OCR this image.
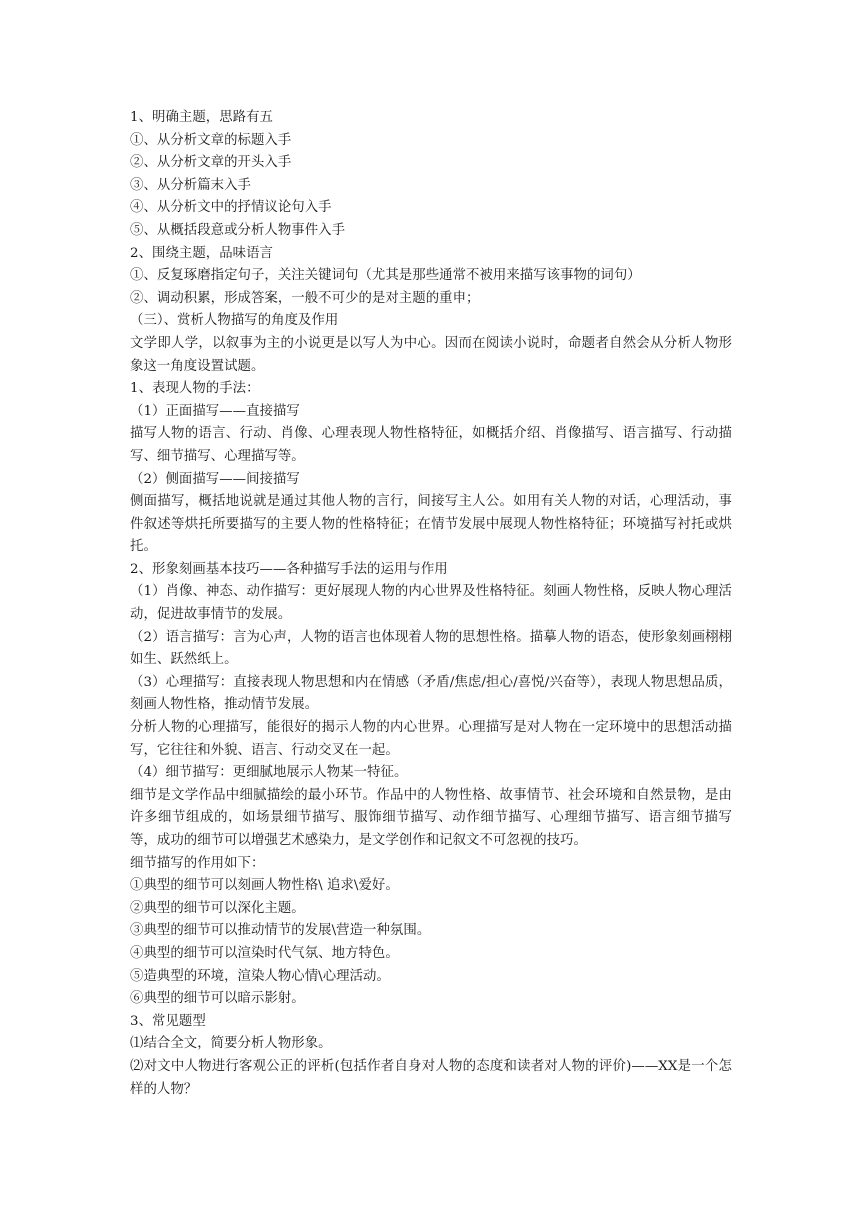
1、明确主题，思路有五
①、从分析文章的标题入手
②、从分析文章的开头入手
③、从分析篇末入手
④、从分析文中的抒情议论句入手
⑤、从概括段意或分析人物事件入手
2、围绕主题，品味语言
①、反复琢磨指定句子，关注关键词句（尤其是那些通常不被用来描写该事物的词句）
②、调动积累，形成答案，一般不可少的是对主题的重申；
（三）、赏析人物描写的角度及作用
文学即人学，以叙事为主的小说更是以写人为中心。因而在阅读小说时，命题者自然会从分析人物形象这一角度设置试题。
1、表现人物的手法：
（1）正面描写——直接描写
描写人物的语言、行动、肖像、心理表现人物性格特征，如概括介绍、肖像描写、语言描写、行动描写、细节描写、心理描写等。
（2）侧面描写——间接描写
侧面描写，概括地说就是通过其他人物的言行，间接写主人公。如用有关人物的对话，心理活动，事件叙述等烘托所要描写的主要人物的性格特征；在情节发展中展现人物性格特征；环境描写衬托或烘托。
2、形象刻画基本技巧——各种描写手法的运用与作用
（1）肖像、神态、动作描写：更好展现人物的内心世界及性格特征。刻画人物性格，反映人物心理活动，促进故事情节的发展。
（2）语言描写：言为心声，人物的语言也体现着人物的思想性格。描摹人物的语态，使形象刻画栩栩如生、跃然纸上。
（3）心理描写：直接表现人物思想和内在情感（矛盾/焦虑/担心/喜悦/兴奋等），表现人物思想品质，刻画人物性格，推动情节发展。
分析人物的心理描写，能很好的揭示人物的内心世界。心理描写是对人物在一定环境中的思想活动描写，它往往和外貌、语言、行动交叉在一起。
（4）细节描写：更细腻地展示人物某一特征。
细节是文学作品中细腻描绘的最小环节。作品中的人物性格、故事情节、社会环境和自然景物，是由许多细节组成的，如场景细节描写、服饰细节描写、动作细节描写、心理细节描写、语言细节描写等，成功的细节可以增强艺术感染力，是文学创作和记叙文不可忽视的技巧。
细节描写的作用如下：
①典型的细节可以刻画人物性格\ 追求\爱好。
②典型的细节可以深化主题。
③典型的细节可以推动情节的发展\营造一种氛围。
④典型的细节可以渲染时代气氛、地方特色。
⑤造典型的环境，渲染人物心情\心理活动。
⑥典型的细节可以暗示影射。
3、常见题型
⑴结合全文，简要分析人物形象。
⑵对文中人物进行客观公正的评析(包括作者自身对人物的态度和读者对人物的评价)——XX是一个怎样的人物？
